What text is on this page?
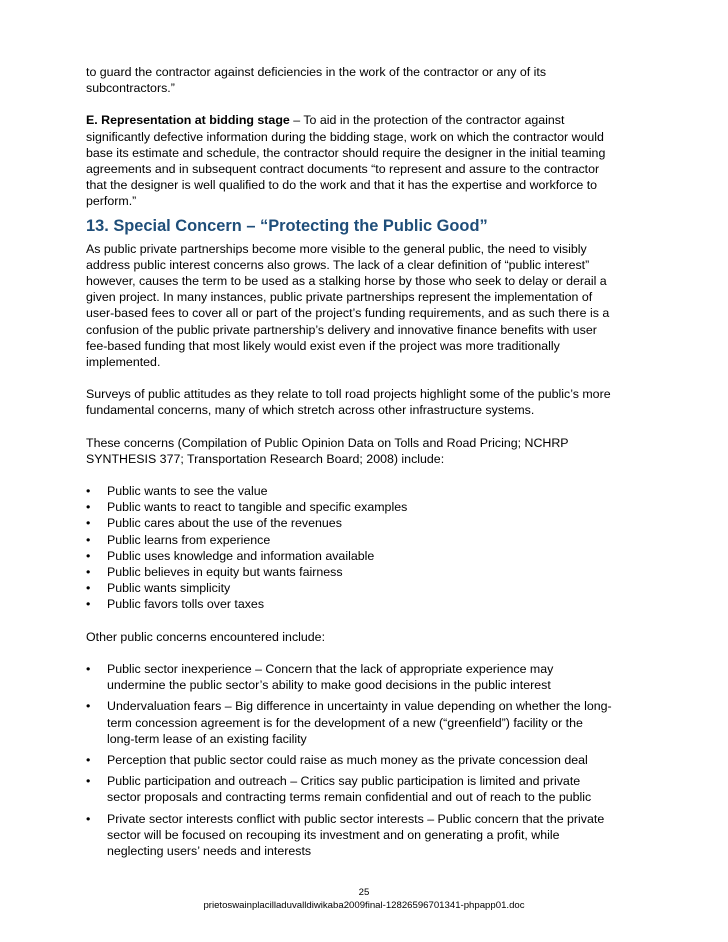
to guard the contractor against deficiencies in the work of the contractor or any of its
subcontractors.”

E. Representation at bidding stage – To aid in the protection of the contractor against
significantly defective information during the bidding stage, work on which the contractor would
base its estimate and schedule, the contractor should require the designer in the initial teaming
agreements and in subsequent contract documents “to represent and assure to the contractor
that the designer is well qualified to do the work and that it has the expertise and workforce to
perform.”

13. Special Concern – “Protecting the Public Good”

As public private partnerships become more visible to the general public, the need to visibly
address public interest concerns also grows. The lack of a clear definition of “public interest”
however, causes the term to be used as a stalking horse by those who seek to delay or derail a
given project. In many instances, public private partnerships represent the implementation of
user-based fees to cover all or part of the project’s funding requirements, and as such there is a
confusion of the public private partnership’s delivery and innovative finance benefits with user
fee-based funding that most likely would exist even if the project was more traditionally
implemented.

Surveys of public attitudes as they relate to toll road projects highlight some of the public’s more
fundamental concerns, many of which stretch across other infrastructure systems.

These concerns (Compilation of Public Opinion Data on Tolls and Road Pricing; NCHRP
SYNTHESIS 377; Transportation Research Board; 2008) include:

•	Public wants to see the value
•	Public wants to react to tangible and specific examples
•	Public cares about the use of the revenues
•	Public learns from experience
•	Public uses knowledge and information available
•	Public believes in equity but wants fairness
•	Public wants simplicity
•	Public favors tolls over taxes

Other public concerns encountered include:

•	Public sector inexperience – Concern that the lack of appropriate experience may
undermine the public sector’s ability to make good decisions in the public interest
•	Undervaluation fears – Big difference in uncertainty in value depending on whether the long-
term concession agreement is for the development of a new (“greenfield”) facility or the
long-term lease of an existing facility
•	Perception that public sector could raise as much money as the private concession deal
•	Public participation and outreach – Critics say public participation is limited and private
sector proposals and contracting terms remain confidential and out of reach to the public
•	Private sector interests conflict with public sector interests – Public concern that the private
sector will be focused on recouping its investment and on generating a profit, while
neglecting users’ needs and interests
25
prietoswainplacilladuvalldiwikaba2009final-12826596701341-phpapp01.doc
